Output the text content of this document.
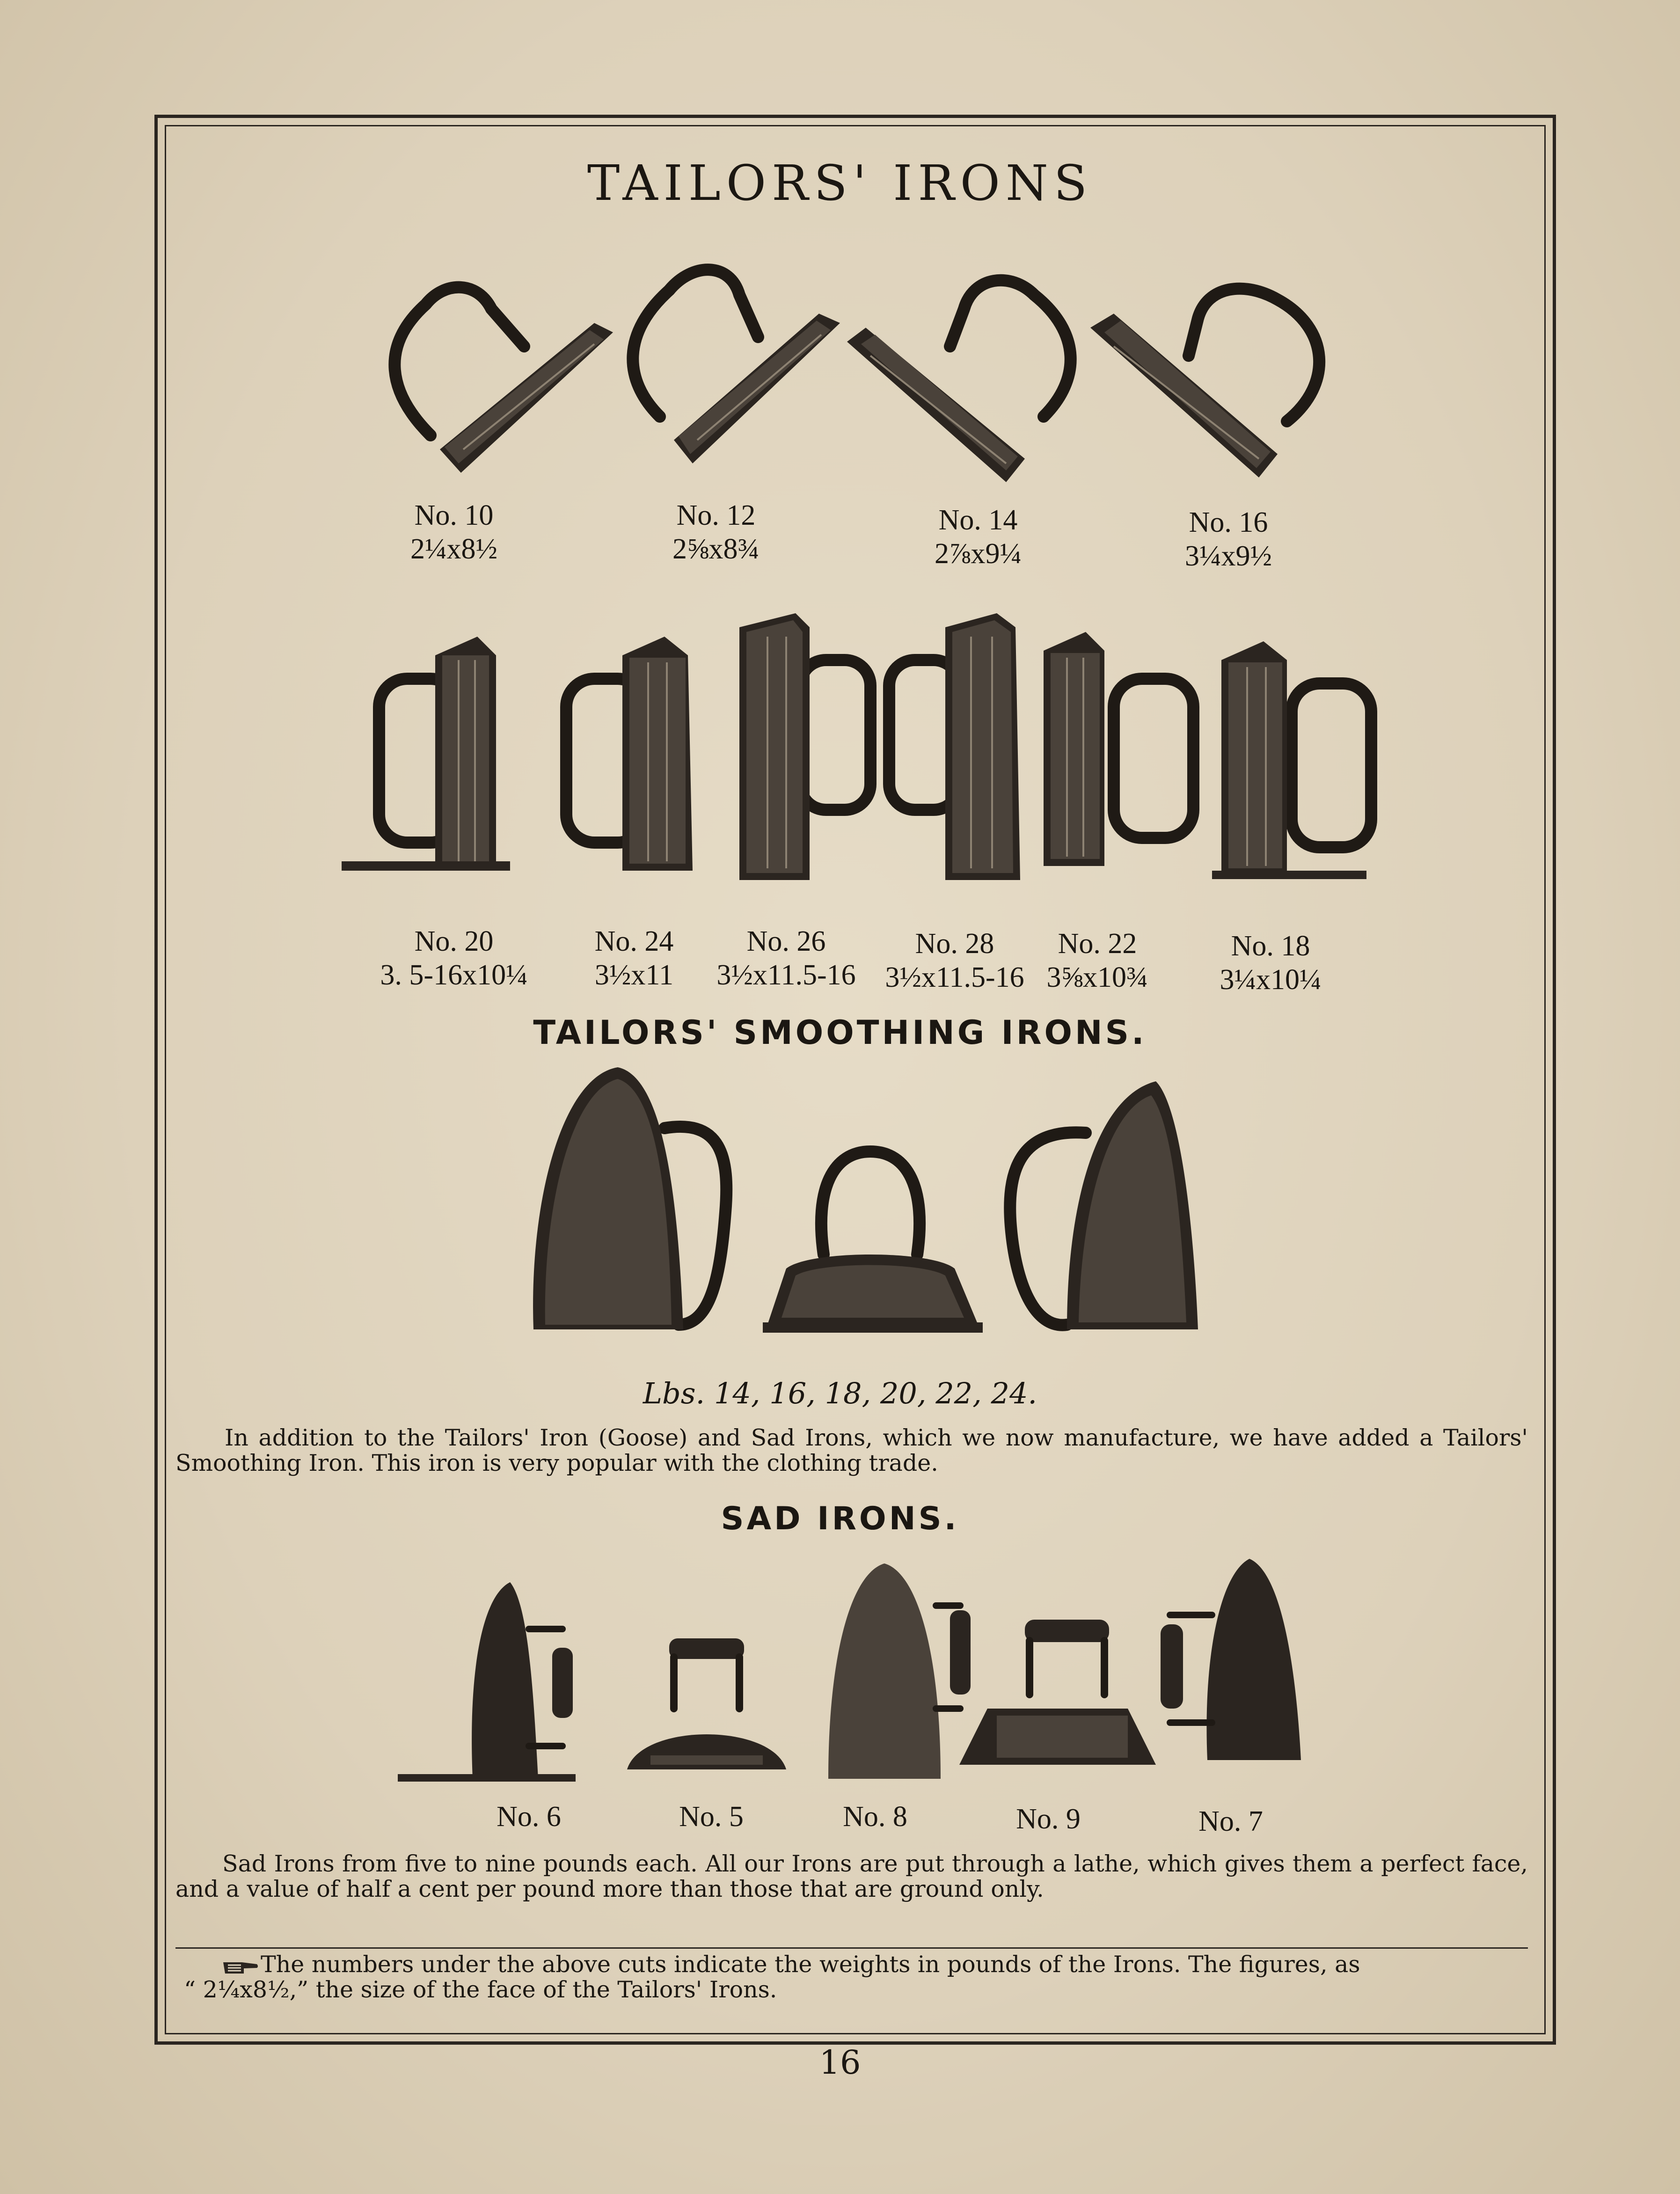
TAILORS' IRONS
No. 10
2¼x8½
No. 12
2⅝x8¾
No. 14
2⅞x9¼
No. 16
3¼x9½
No. 20
3. 5-16x10¼
No. 24
3½x11
No. 26
3½x11.5-16
No. 28
3½x11.5-16
No. 22
3⅝x10¾
No. 18
3¼x10¼
TAILORS' SMOOTHING IRONS.
Lbs. 14, 16, 18, 20, 22, 24.
In addition to the Tailors' Iron (Goose) and Sad Irons, which we now manufacture, we have added a Tailors' Smoothing Iron. This iron is very popular with the clothing trade.
SAD IRONS.
No. 6	No. 5	No. 8	No. 9	No. 7
Sad Irons from five to nine pounds each. All our Irons are put through a lathe, which gives them a perfect face, and a value of half a cent per pound more than those that are ground only.
The numbers under the above cuts indicate the weights in pounds of the Irons. The figures, as
“ 2¼x8½,” the size of the face of the Tailors' Irons.
16
